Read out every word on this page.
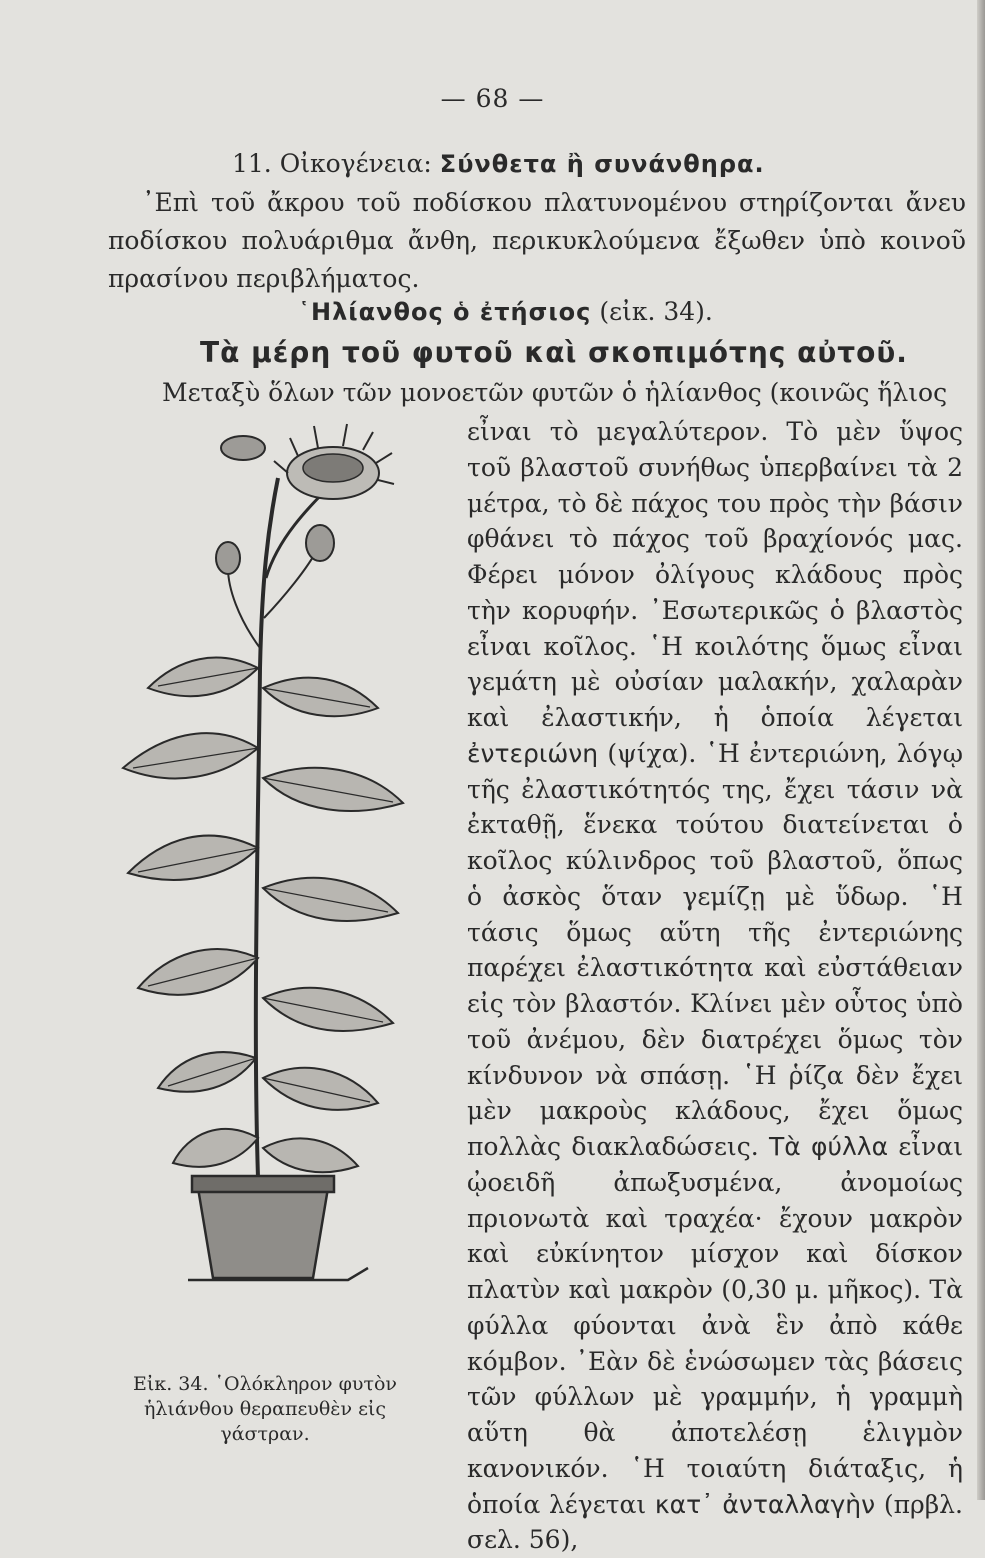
— 68 —
11. Οἰκογένεια: Σύνθετα ἢ συνάνθηρα.
᾿Επὶ τοῦ ἄκρου τοῦ ποδίσκου πλατυνομένου στηρίζονται ἄνευ ποδίσκου πολυάριθμα ἄνθη, περικυκλούμενα ἔξωθεν ὑπὸ κοινοῦ πρασίνου περιβλήματος.
῾Ηλίανθος ὁ ἐτήσιος (εἰκ. 34).
Τὰ μέρη τοῦ φυτοῦ καὶ σκοπιμότης αὐτοῦ.
Μεταξὺ ὅλων τῶν μονοετῶν φυτῶν ὁ ἡλίανθος (κοινῶς ἥλιος
εἶναι τὸ μεγαλύτερον. Τὸ μὲν ὕψος τοῦ βλαστοῦ συνήθως ὑπερβαίνει τὰ 2 μέτρα, τὸ δὲ πάχος του πρὸς τὴν βάσιν φθάνει τὸ πάχος τοῦ βραχίονός μας. Φέρει μόνον ὀλίγους κλάδους πρὸς τὴν κορυφήν. ᾿Εσωτερικῶς ὁ βλαστὸς εἶναι κοῖλος. ῾Η κοιλότης ὅμως εἶναι γεμάτη μὲ οὐσίαν μαλακήν, χαλαρὰν καὶ ἐλαστικήν, ἡ ὁποία λέγεται ἐντεριώνη (ψίχα). ῾Η ἐντεριώνη, λόγῳ τῆς ἐλαστικότητός της, ἔχει τάσιν νὰ ἐκταθῇ, ἕνεκα τούτου διατείνεται ὁ κοῖλος κύλινδρος τοῦ βλαστοῦ, ὅπως ὁ ἀσκὸς ὅταν γεμίζῃ μὲ ὕδωρ. ῾Η τάσις ὅμως αὕτη τῆς ἐντεριώνης παρέχει ἐλαστικότητα καὶ εὐστάθειαν εἰς τὸν βλαστόν. Κλίνει μὲν οὗτος ὑπὸ τοῦ ἀνέμου, δὲν διατρέχει ὅμως τὸν κίνδυνον νὰ σπάσῃ. ῾Η ῥίζα δὲν ἔχει μὲν μακροὺς κλάδους, ἔχει ὅμως πολλὰς διακλαδώσεις. Τὰ φύλλα εἶναι ᾠοειδῆ ἀπωξυσμένα, ἀνομοίως πριονωτὰ καὶ τραχέα· ἔχουν μακρὸν καὶ εὐκίνητον μίσχον καὶ δίσκον πλατὺν καὶ μακρὸν (0,30 μ. μῆκος). Τὰ φύλλα φύονται ἀνὰ ἓν ἀπὸ κάθε κόμβον. ᾿Εὰν δὲ ἑνώσωμεν τὰς βάσεις τῶν φύλλων μὲ γραμμήν, ἡ γραμμὴ αὕτη θὰ ἀποτελέσῃ ἑλιγμὸν κανονικόν. ῾Η τοιαύτη διάταξις, ἡ ὁποία λέγεται κατ᾿ ἀνταλλαγὴν (πρβλ. σελ. 56),
Εἰκ. 34. ῾Ολόκληρον φυτὸν ἡλιάνθου θεραπευθὲν εἰς γάστραν.
